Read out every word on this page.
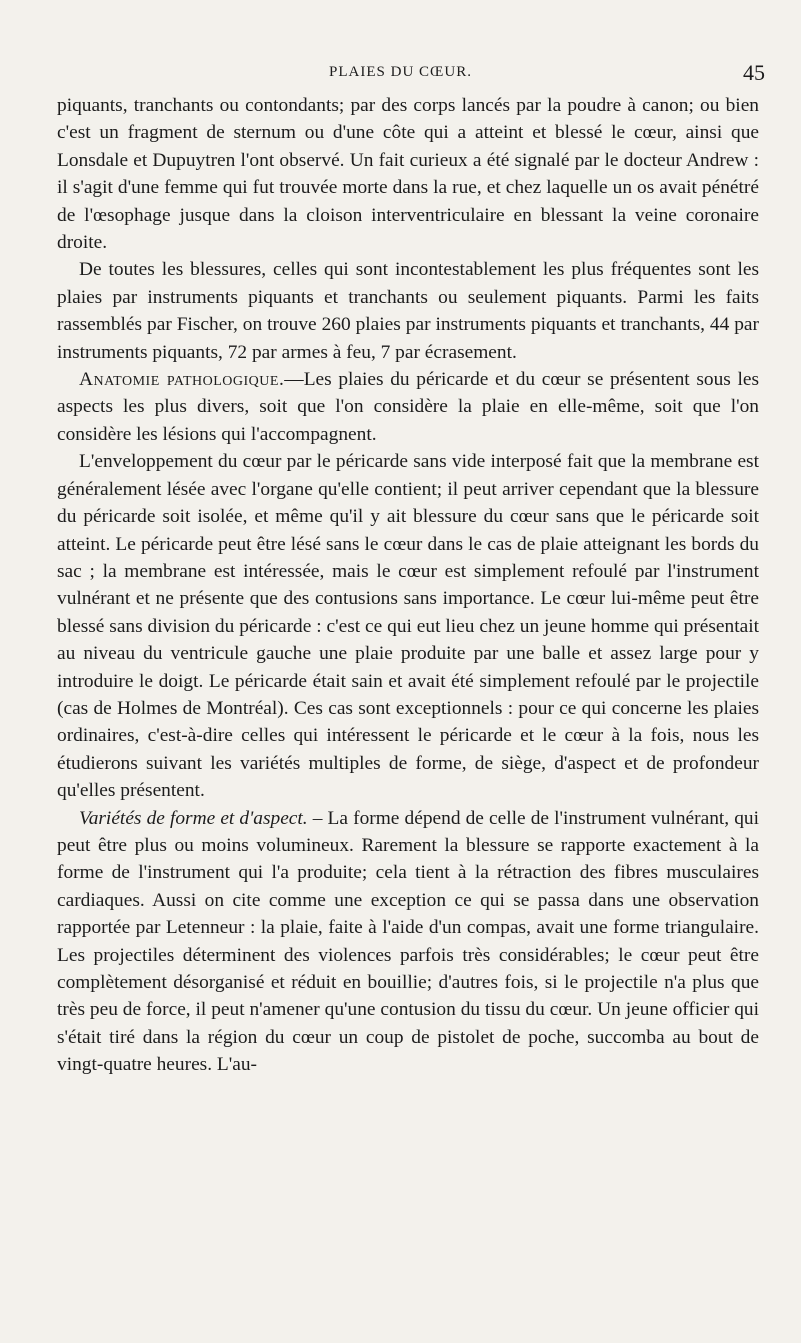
PLAIES DU CŒUR.	45

piquants, tranchants ou contondants; par des corps lancés par la poudre à canon; ou bien c'est un fragment de sternum ou d'une côte qui a atteint et blessé le cœur, ainsi que Lonsdale et Dupuytren l'ont observé. Un fait curieux a été signalé par le docteur Andrew : il s'agit d'une femme qui fut trouvée morte dans la rue, et chez laquelle un os avait pénétré de l'œsophage jusque dans la cloison interventriculaire en blessant la veine coronaire droite.

De toutes les blessures, celles qui sont incontestablement les plus fréquentes sont les plaies par instruments piquants et tranchants ou seulement piquants. Parmi les faits rassemblés par Fischer, on trouve 260 plaies par instruments piquants et tranchants, 44 par instruments piquants, 72 par armes à feu, 7 par écrasement.

Anatomie pathologique.—Les plaies du péricarde et du cœur se présentent sous les aspects les plus divers, soit que l'on considère la plaie en elle-même, soit que l'on considère les lésions qui l'accompagnent.

L'enveloppement du cœur par le péricarde sans vide interposé fait que la membrane est généralement lésée avec l'organe qu'elle contient; il peut arriver cependant que la blessure du péricarde soit isolée, et même qu'il y ait blessure du cœur sans que le péricarde soit atteint. Le péricarde peut être lésé sans le cœur dans le cas de plaie atteignant les bords du sac ; la membrane est intéressée, mais le cœur est simplement refoulé par l'instrument vulnérant et ne présente que des contusions sans importance. Le cœur lui-même peut être blessé sans division du péricarde : c'est ce qui eut lieu chez un jeune homme qui présentait au niveau du ventricule gauche une plaie produite par une balle et assez large pour y introduire le doigt. Le péricarde était sain et avait été simplement refoulé par le projectile (cas de Holmes de Montréal). Ces cas sont exceptionnels : pour ce qui concerne les plaies ordinaires, c'est-à-dire celles qui intéressent le péricarde et le cœur à la fois, nous les étudierons suivant les variétés multiples de forme, de siège, d'aspect et de profondeur qu'elles présentent.

Variétés de forme et d'aspect. – La forme dépend de celle de l'instrument vulnérant, qui peut être plus ou moins volumineux. Rarement la blessure se rapporte exactement à la forme de l'instrument qui l'a produite; cela tient à la rétraction des fibres musculaires cardiaques. Aussi on cite comme une exception ce qui se passa dans une observation rapportée par Letenneur : la plaie, faite à l'aide d'un compas, avait une forme triangulaire. Les projectiles déterminent des violences parfois très considérables; le cœur peut être complètement désorganisé et réduit en bouillie; d'autres fois, si le projectile n'a plus que très peu de force, il peut n'amener qu'une contusion du tissu du cœur. Un jeune officier qui s'était tiré dans la région du cœur un coup de pistolet de poche, succomba au bout de vingt-quatre heures. L'au-
